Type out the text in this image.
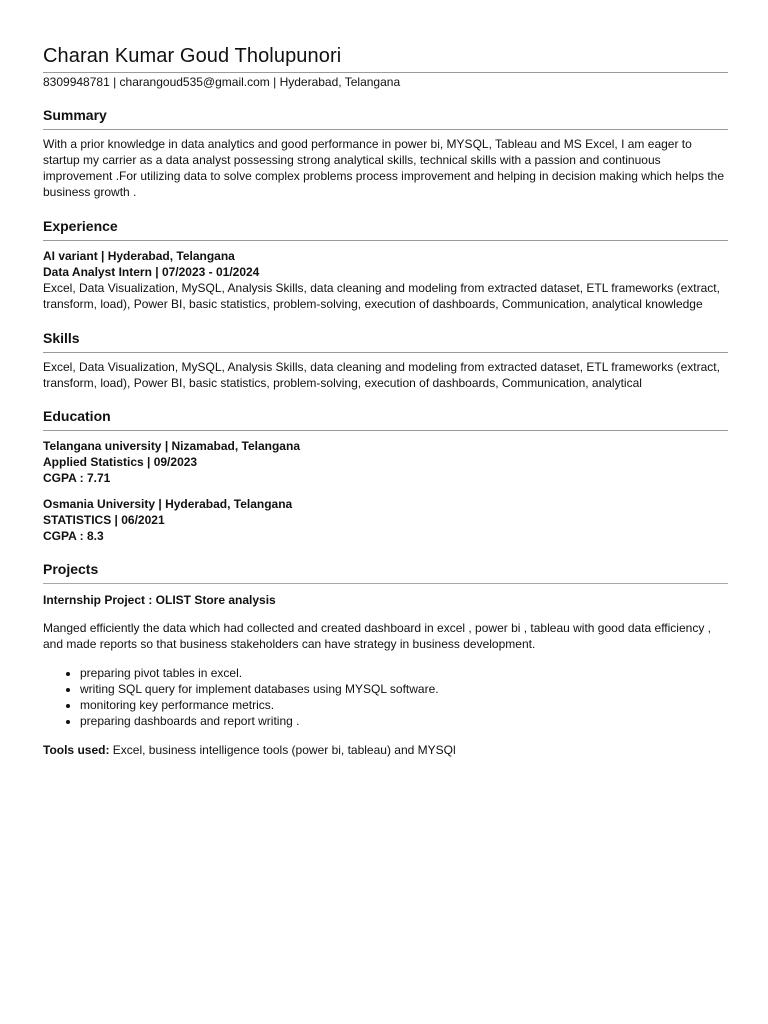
Charan Kumar Goud Tholupunori
8309948781 | charangoud535@gmail.com | Hyderabad, Telangana
Summary

With a prior knowledge in data analytics and good performance in power bi, MYSQL, Tableau and MS Excel, I am eager to startup my carrier as a data analyst possessing strong analytical skills, technical skills with a passion and continuous improvement .For utilizing data to solve complex problems process improvement and helping in decision making which helps the business growth .

Experience
AI variant | Hyderabad, Telangana
Data Analyst Intern | 07/2023 - 01/2024

Excel, Data Visualization, MySQL, Analysis Skills, data cleaning and modeling from extracted dataset, ETL frameworks (extract, transform, load), Power BI, basic statistics, problem-solving, execution of dashboards, Communication, analytical knowledge

Skills

Excel, Data Visualization, MySQL, Analysis Skills, data cleaning and modeling from extracted dataset, ETL frameworks (extract, transform, load), Power BI, basic statistics, problem-solving, execution of dashboards, Communication, analytical

Education
Telangana university | Nizamabad, Telangana
Applied Statistics | 09/2023
CGPA : 7.71
Osmania University | Hyderabad, Telangana
STATISTICS | 06/2021
CGPA : 8.3
Projects
Internship Project : OLIST Store analysis

Manged efficiently the data which had collected and created dashboard in excel , power bi , tableau with good data efficiency , and made reports so that business stakeholders can have strategy in business development.

• preparing pivot tables in excel.
• writing SQL query for implement databases using MYSQL software.
• monitoring key performance metrics.
• preparing dashboards and report writing .
Tools used: Excel, business intelligence tools (power bi, tableau) and MYSQl
